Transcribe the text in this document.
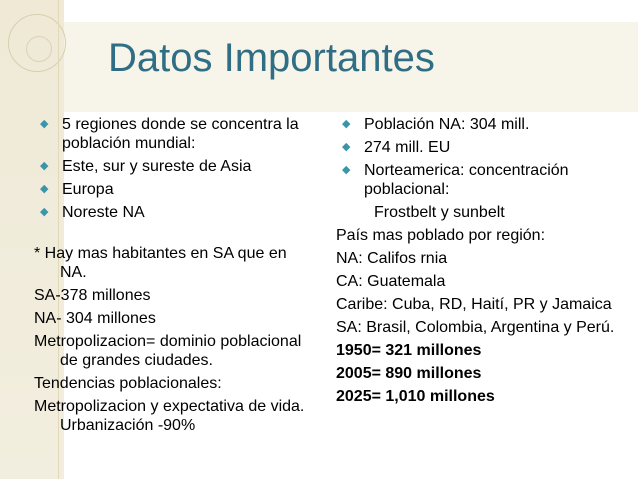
Datos Importantes
◆ 5 regiones donde se concentra la población mundial:
◆ Este, sur y sureste de Asia
◆ Europa
◆ Noreste NA
* Hay mas habitantes en SA que en NA.
SA-378 millones
NA- 304 millones
Metropolizacion= dominio poblacional de grandes ciudades.
Tendencias poblacionales:
Metropolizacion y expectativa de vida. Urbanización -90%
◆ Población NA: 304 mill.
◆ 274 mill. EU
◆ Norteamerica: concentración poblacional:
Frostbelt y sunbelt
País mas poblado por región:
NA: Califos rnia
CA: Guatemala
Caribe: Cuba, RD, Haití, PR y Jamaica
SA: Brasil, Colombia, Argentina y Perú.
1950= 321 millones
2005= 890 millones
2025= 1,010 millones
